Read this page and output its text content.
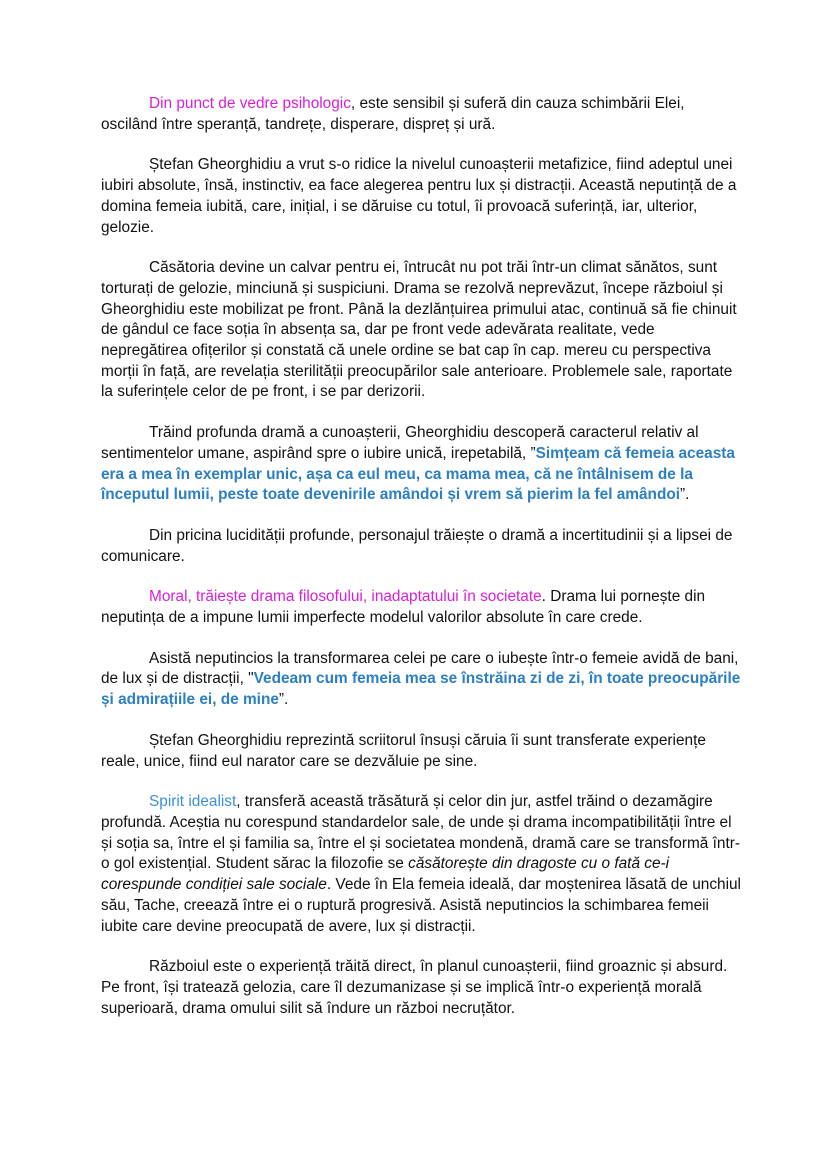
Din punct de vedre psihologic, este sensibil și suferă din cauza schimbării Elei, oscilând între speranță, tandrețe, disperare, dispreț și ură.

Ștefan Gheorghidiu a vrut s-o ridice la nivelul cunoașterii metafizice, fiind adeptul unei iubiri absolute, însă, instinctiv, ea face alegerea pentru lux și distracții. Această neputință de a domina femeia iubită, care, inițial, i se dăruise cu totul, îi provoacă suferință, iar, ulterior, gelozie.

Căsătoria devine un calvar pentru ei, întrucât nu pot trăi într-un climat sănătos, sunt torturați de gelozie, minciună și suspiciuni. Drama se rezolvă neprevăzut, începe războiul și Gheorghidiu este mobilizat pe front. Până la dezlănțuirea primului atac, continuă să fie chinuit de gândul ce face soția în absența sa, dar pe front vede adevărata realitate, vede nepregătirea ofițerilor și constată că unele ordine se bat cap în cap. mereu cu perspectiva morții în față, are revelația sterilității preocupărilor sale anterioare. Problemele sale, raportate la suferințele celor de pe front, i se par derizorii.

Trăind profunda dramă a cunoașterii, Gheorghidiu descoperă caracterul relativ al sentimentelor umane, aspirând spre o iubire unică, irepetabilă, ”Simțeam că femeia aceasta era a mea în exemplar unic, așa ca eul meu, ca mama mea, că ne întâlnisem de la începutul lumii, peste toate devenirile amândoi și vrem să pierim la fel amândoi”.

Din pricina lucidității profunde, personajul trăiește o dramă a incertitudinii și a lipsei de comunicare.

Moral, trăiește drama filosofului, inadaptatului în societate. Drama lui pornește din neputința de a impune lumii imperfecte modelul valorilor absolute în care crede.

Asistă neputincios la transformarea celei pe care o iubește într-o femeie avidă de bani, de lux și de distracții, "Vedeam cum femeia mea se înstrăina zi de zi, în toate preocupările și admirațiile ei, de mine”.

Ștefan Gheorghidiu reprezintă scriitorul însuși căruia îi sunt transferate experiențe reale, unice, fiind eul narator care se dezvăluie pe sine.

Spirit idealist, transferă această trăsătură și celor din jur, astfel trăind o dezamăgire profundă. Aceștia nu corespund standardelor sale, de unde și drama incompatibilității între el și soția sa, între el și familia sa, între el și societatea mondenă, dramă care se transformă într-o gol existențial. Student sărac la filozofie se căsătorește din dragoste cu o fată ce-i corespunde condiției sale sociale. Vede în Ela femeia ideală, dar moștenirea lăsată de unchiul său, Tache, creează între ei o ruptură progresivă. Asistă neputincios la schimbarea femeii iubite care devine preocupată de avere, lux și distracții.

Războiul este o experiență trăită direct, în planul cunoașterii, fiind groaznic și absurd. Pe front, își tratează gelozia, care îl dezumanizase și se implică într-o experiență morală superioară, drama omului silit să îndure un război necruțător.
